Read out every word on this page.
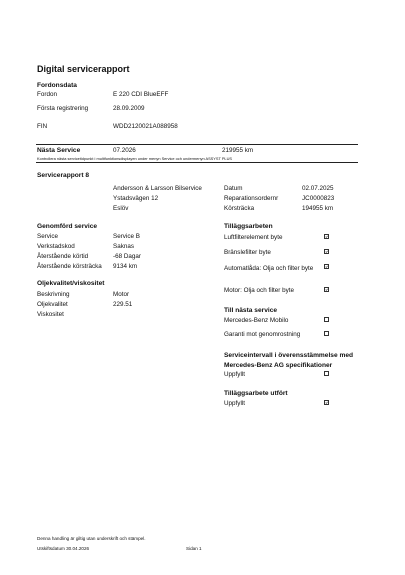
Digital servicerapport
Fordonsdata
Fordon	E 220 CDI BlueEFF
Första registrering	28.09.2009
FIN	WDD2120021A088958
Nästa Service	07.2026	219955 km
Kontrollera nästa servicetidpunkt i multifunktionsdisplayen under menyn Service och undermenyn ASSYST PLUS
Servicerapport 8
Andersson & Larsson Bilservice
Ystadsvägen 12
Eslöv
Datum	02.07.2025
Reparationsordernr	JC0000823
Körsträcka	194955 km
Genomförd service
Service	Service B
Verkstadskod	Saknas
Återstående körtid	-68 Dagar
Återstående körsträcka 9134 km
Oljekvalitet/viskositet
Beskrivning	Motor
Oljekvalitet	229.51
Viskositet
Tilläggsarbeten
Luftfilterelement byte
Bränslefilter byte
Automatlåda: Olja och filter byte
Motor: Olja och filter byte
Till nästa service
Mercedes-Benz Mobilo
Garanti mot genomrostning
Serviceintervall i överensstämmelse med Mercedes-Benz AG specifikationer
Uppfyllt
Tilläggsarbete utfört
Uppfyllt
Denna handling är giltig utan underskrift och stämpel.
Utskiftsdatum 30.04.2026	Sidan 1
